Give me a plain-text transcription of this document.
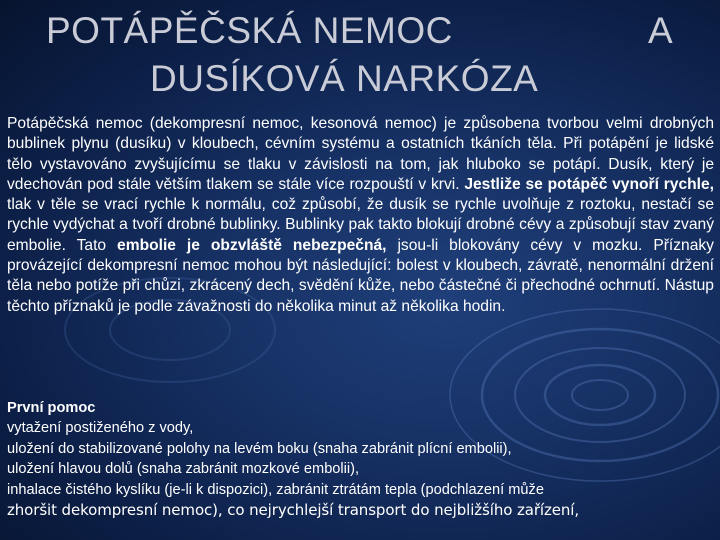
POTÁPĚČSKÁ NEMOC	A
DUSÍKOVÁ NARKÓZA

Potápěčská nemoc (dekompresní nemoc, kesonová nemoc) je způsobena tvorbou velmi drobných bublinek plynu (dusíku) v kloubech, cévním systému a ostatních tkáních těla. Při potápění je lidské tělo vystavováno zvyšujícímu se tlaku v závislosti na tom, jak hluboko se potápí. Dusík, který je vdechován pod stále větším tlakem se stále více rozpouští v krvi. Jestliže se potápěč vynoří rychle, tlak v těle se vrací rychle k normálu, což způsobí, že dusík se rychle uvolňuje z roztoku, nestačí se rychle vydýchat a tvoří drobné bublinky. Bublinky pak takto blokují drobné cévy a způsobují stav zvaný embolie. Tato embolie je obzvláště nebezpečná, jsou-li blokovány cévy v mozku. Příznaky provázející dekompresní nemoc mohou být následující: bolest v kloubech, závratě, nenormální držení těla nebo potíže při chůzi, zkrácený dech, svědění kůže, nebo částečné či přechodné ochrnutí. Nástup těchto příznaků je podle závažnosti do několika minut až několika hodin.

První pomoc
vytažení postiženého z vody,
uložení do stabilizované polohy na levém boku (snaha zabránit plícní embolii),
uložení hlavou dolů (snaha zabránit mozkové embolii),
inhalace čistého kyslíku (je-li k dispozici), zabránit ztrátám tepla (podchlazení může
zhoršit dekompresní nemoc), co nejrychlejší transport do nejbližšího zařízení,
